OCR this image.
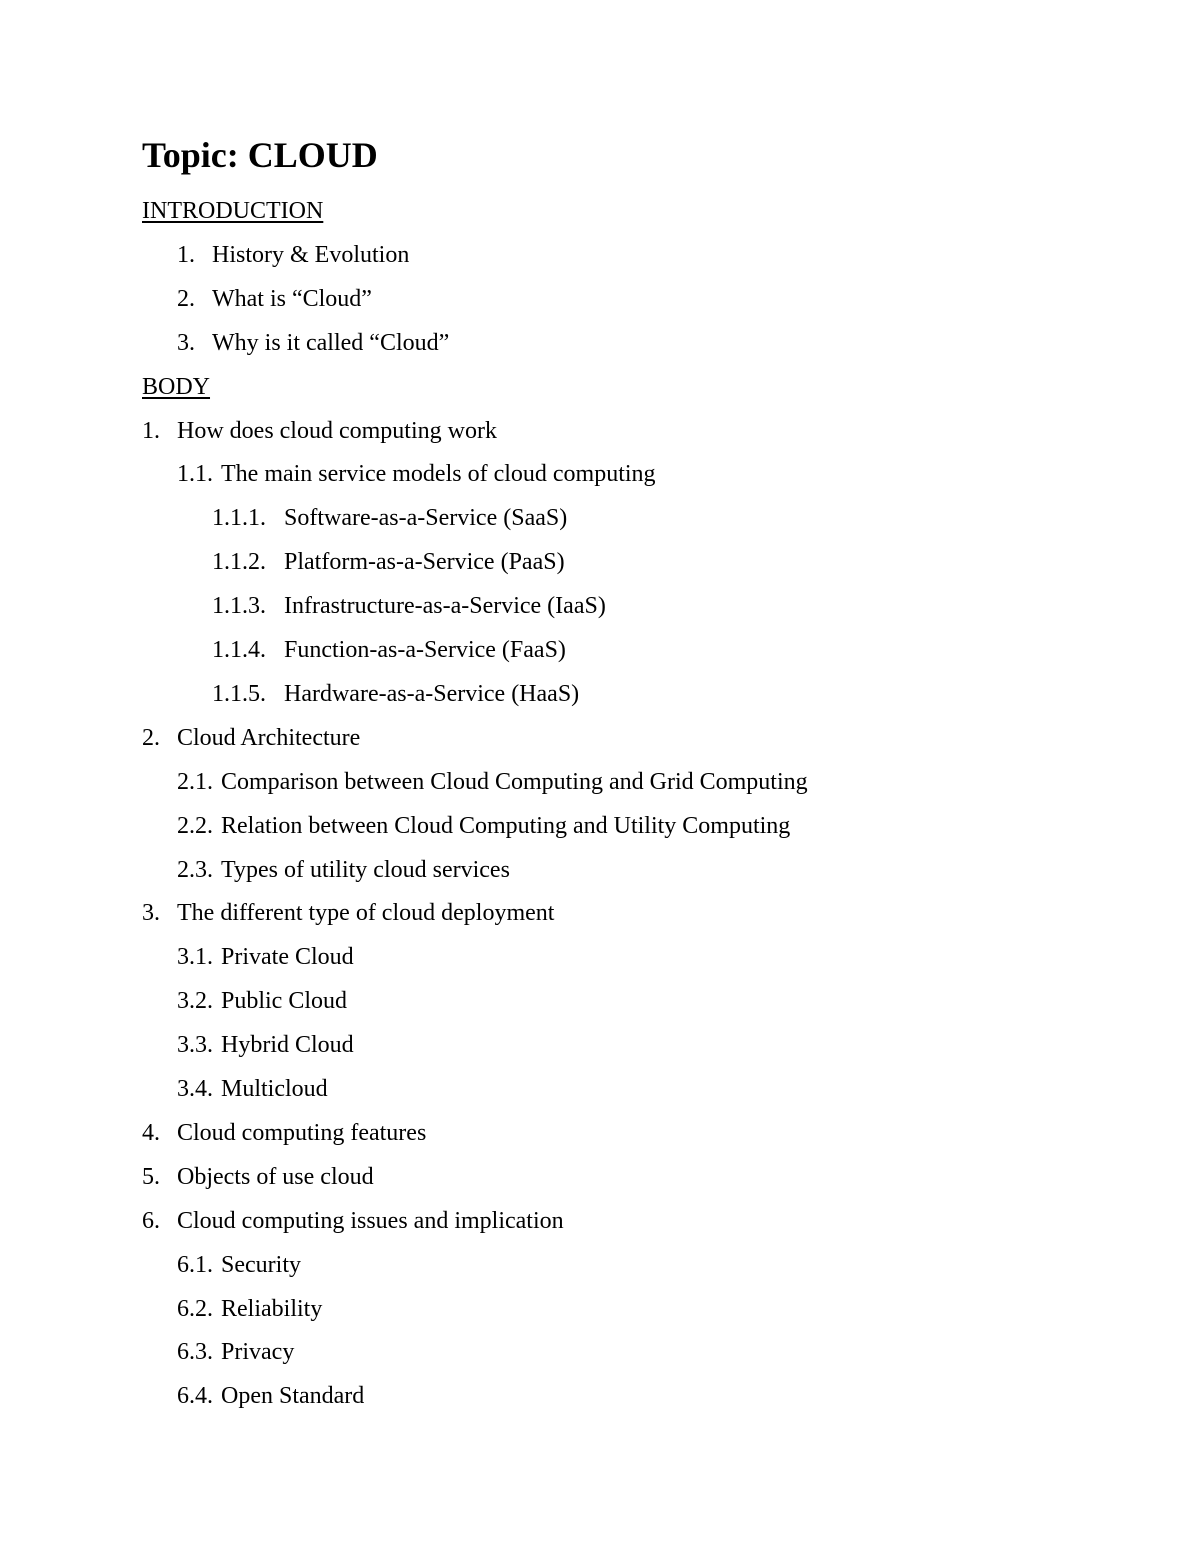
Topic: CLOUD
INTRODUCTION
1. History & Evolution
2. What is “Cloud”
3. Why is it called “Cloud”
BODY
1. How does cloud computing work
1.1. The main service models of cloud computing
1.1.1. Software-as-a-Service (SaaS)
1.1.2. Platform-as-a-Service (PaaS)
1.1.3. Infrastructure-as-a-Service (IaaS)
1.1.4. Function-as-a-Service (FaaS)
1.1.5. Hardware-as-a-Service (HaaS)
2. Cloud Architecture
2.1. Comparison between Cloud Computing and Grid Computing
2.2. Relation between Cloud Computing and Utility Computing
2.3. Types of utility cloud services
3. The different type of cloud deployment
3.1. Private Cloud
3.2. Public Cloud
3.3. Hybrid Cloud
3.4. Multicloud
4. Cloud computing features
5. Objects of use cloud
6. Cloud computing issues and implication
6.1. Security
6.2. Reliability
6.3. Privacy
6.4. Open Standard
